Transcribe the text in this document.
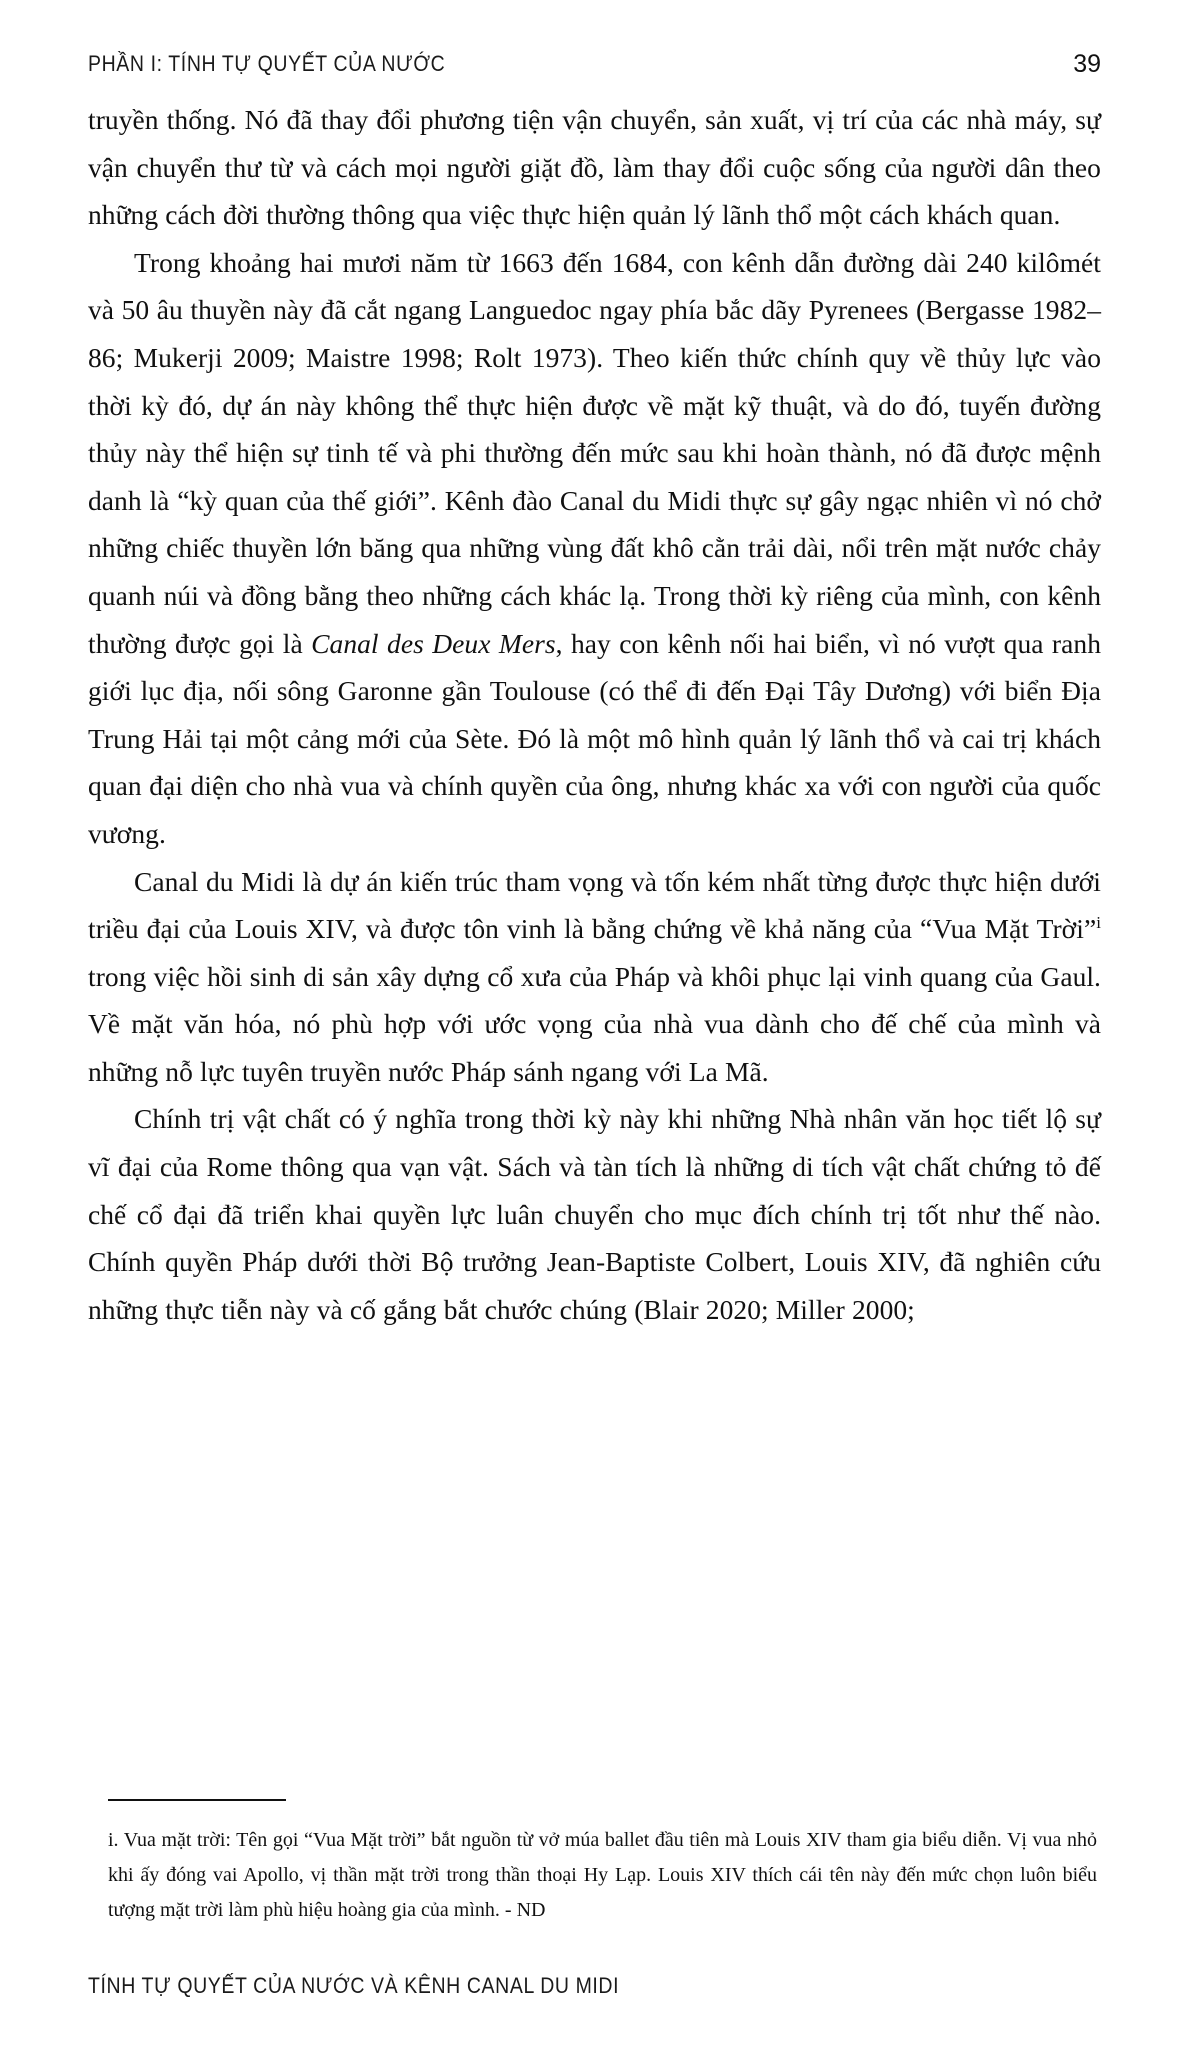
PHẦN I: TÍNH TỰ QUYẾT CỦA NƯỚC	39

truyền thống. Nó đã thay đổi phương tiện vận chuyển, sản xuất, vị trí của các nhà máy, sự vận chuyển thư từ và cách mọi người giặt đồ, làm thay đổi cuộc sống của người dân theo những cách đời thường thông qua việc thực hiện quản lý lãnh thổ một cách khách quan.

Trong khoảng hai mươi năm từ 1663 đến 1684, con kênh dẫn đường dài 240 kilômét và 50 âu thuyền này đã cắt ngang Languedoc ngay phía bắc dãy Pyrenees (Bergasse 1982–86; Mukerji 2009; Maistre 1998; Rolt 1973). Theo kiến thức chính quy về thủy lực vào thời kỳ đó, dự án này không thể thực hiện được về mặt kỹ thuật, và do đó, tuyến đường thủy này thể hiện sự tinh tế và phi thường đến mức sau khi hoàn thành, nó đã được mệnh danh là “kỳ quan của thế giới”. Kênh đào Canal du Midi thực sự gây ngạc nhiên vì nó chở những chiếc thuyền lớn băng qua những vùng đất khô cằn trải dài, nổi trên mặt nước chảy quanh núi và đồng bằng theo những cách khác lạ. Trong thời kỳ riêng của mình, con kênh thường được gọi là Canal des Deux Mers, hay con kênh nối hai biển, vì nó vượt qua ranh giới lục địa, nối sông Garonne gần Toulouse (có thể đi đến Đại Tây Dương) với biển Địa Trung Hải tại một cảng mới của Sète. Đó là một mô hình quản lý lãnh thổ và cai trị khách quan đại diện cho nhà vua và chính quyền của ông, nhưng khác xa với con người của quốc vương.

Canal du Midi là dự án kiến trúc tham vọng và tốn kém nhất từng được thực hiện dưới triều đại của Louis XIV, và được tôn vinh là bằng chứng về khả năng của “Vua Mặt Trời”$^i$ trong việc hồi sinh di sản xây dựng cổ xưa của Pháp và khôi phục lại vinh quang của Gaul. Về mặt văn hóa, nó phù hợp với ước vọng của nhà vua dành cho đế chế của mình và những nỗ lực tuyên truyền nước Pháp sánh ngang với La Mã.

Chính trị vật chất có ý nghĩa trong thời kỳ này khi những Nhà nhân văn học tiết lộ sự vĩ đại của Rome thông qua vạn vật. Sách và tàn tích là những di tích vật chất chứng tỏ đế chế cổ đại đã triển khai quyền lực luân chuyển cho mục đích chính trị tốt như thế nào. Chính quyền Pháp dưới thời Bộ trưởng Jean-Baptiste Colbert, Louis XIV, đã nghiên cứu những thực tiễn này và cố gắng bắt chước chúng (Blair 2020; Miller 2000;

i. Vua mặt trời: Tên gọi “Vua Mặt trời” bắt nguồn từ vở múa ballet đầu tiên mà Louis XIV tham gia biểu diễn. Vị vua nhỏ khi ấy đóng vai Apollo, vị thần mặt trời trong thần thoại Hy Lạp. Louis XIV thích cái tên này đến mức chọn luôn biểu tượng mặt trời làm phù hiệu hoàng gia của mình. - ND

TÍNH TỰ QUYẾT CỦA NƯỚC VÀ KÊNH CANAL DU MIDI
